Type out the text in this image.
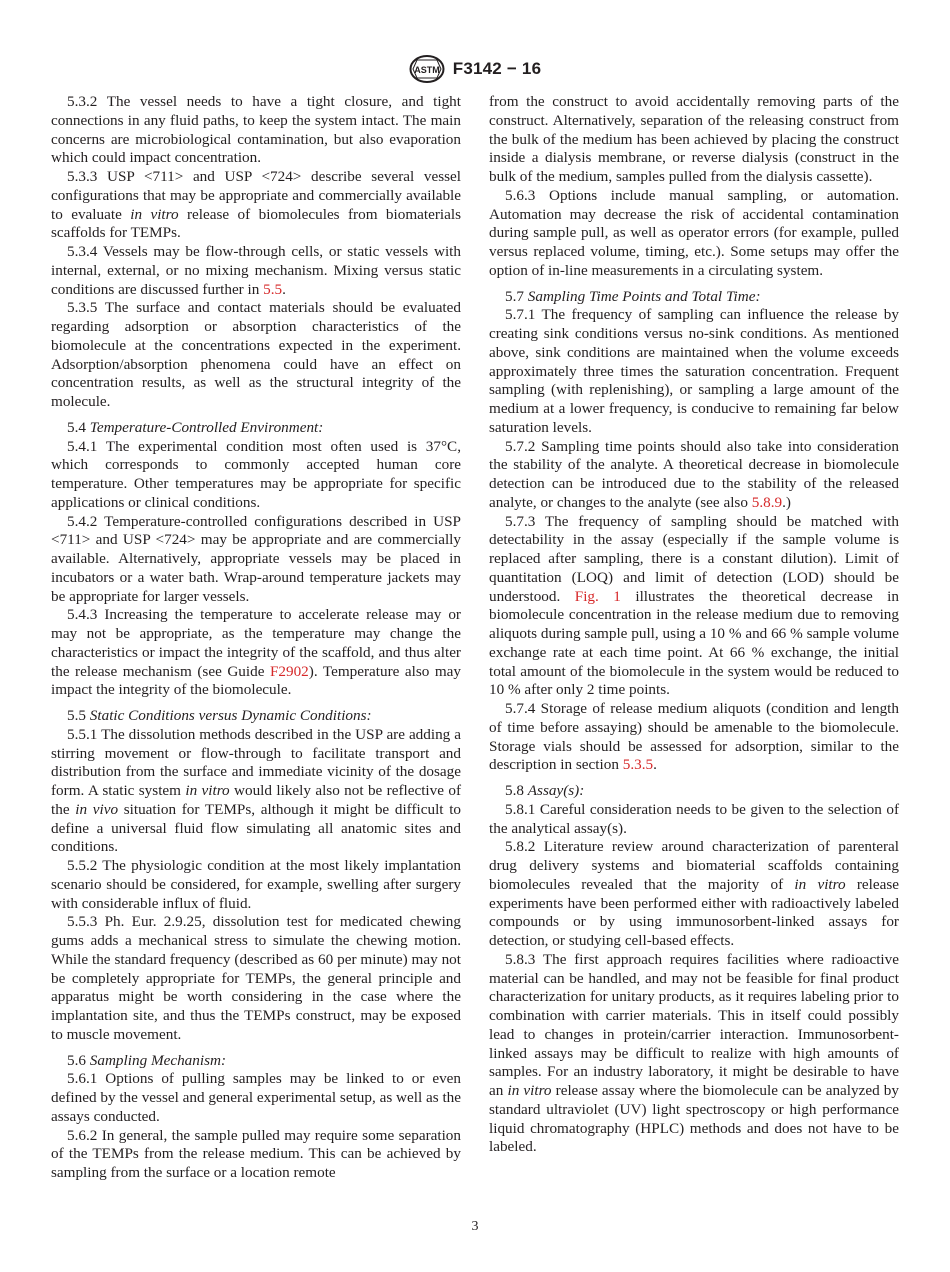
ASTM F3142 − 16

5.3.2 The vessel needs to have a tight closure, and tight connections in any fluid paths, to keep the system intact. The main concerns are microbiological contamination, but also evaporation which could impact concentration.

5.3.3 USP <711> and USP <724> describe several vessel configurations that may be appropriate and commercially available to evaluate in vitro release of biomolecules from biomaterials scaffolds for TEMPs.

5.3.4 Vessels may be flow-through cells, or static vessels with internal, external, or no mixing mechanism. Mixing versus static conditions are discussed further in 5.5.

5.3.5 The surface and contact materials should be evaluated regarding adsorption or absorption characteristics of the biomolecule at the concentrations expected in the experiment. Adsorption/absorption phenomena could have an effect on concentration results, as well as the structural integrity of the molecule.

5.4 Temperature-Controlled Environment:

5.4.1 The experimental condition most often used is 37°C, which corresponds to commonly accepted human core temperature. Other temperatures may be appropriate for specific applications or clinical conditions.

5.4.2 Temperature-controlled configurations described in USP <711> and USP <724> may be appropriate and are commercially available. Alternatively, appropriate vessels may be placed in incubators or a water bath. Wrap-around temperature jackets may be appropriate for larger vessels.

5.4.3 Increasing the temperature to accelerate release may or may not be appropriate, as the temperature may change the characteristics or impact the integrity of the scaffold, and thus alter the release mechanism (see Guide F2902). Temperature also may impact the integrity of the biomolecule.

5.5 Static Conditions versus Dynamic Conditions:

5.5.1 The dissolution methods described in the USP are adding a stirring movement or flow-through to facilitate transport and distribution from the surface and immediate vicinity of the dosage form. A static system in vitro would likely also not be reflective of the in vivo situation for TEMPs, although it might be difficult to define a universal fluid flow simulating all anatomic sites and conditions.

5.5.2 The physiologic condition at the most likely implantation scenario should be considered, for example, swelling after surgery with considerable influx of fluid.

5.5.3 Ph. Eur. 2.9.25, dissolution test for medicated chewing gums adds a mechanical stress to simulate the chewing motion. While the standard frequency (described as 60 per minute) may not be completely appropriate for TEMPs, the general principle and apparatus might be worth considering in the case where the implantation site, and thus the TEMPs construct, may be exposed to muscle movement.

5.6 Sampling Mechanism:

5.6.1 Options of pulling samples may be linked to or even defined by the vessel and general experimental setup, as well as the assays conducted.

5.6.2 In general, the sample pulled may require some separation of the TEMPs from the release medium. This can be achieved by sampling from the surface or a location remote

from the construct to avoid accidentally removing parts of the construct. Alternatively, separation of the releasing construct from the bulk of the medium has been achieved by placing the construct inside a dialysis membrane, or reverse dialysis (construct in the bulk of the medium, samples pulled from the dialysis cassette).

5.6.3 Options include manual sampling, or automation. Automation may decrease the risk of accidental contamination during sample pull, as well as operator errors (for example, pulled versus replaced volume, timing, etc.). Some setups may offer the option of in-line measurements in a circulating system.

5.7 Sampling Time Points and Total Time:

5.7.1 The frequency of sampling can influence the release by creating sink conditions versus no-sink conditions. As mentioned above, sink conditions are maintained when the volume exceeds approximately three times the saturation concentration. Frequent sampling (with replenishing), or sampling a large amount of the medium at a lower frequency, is conducive to remaining far below saturation levels.

5.7.2 Sampling time points should also take into consideration the stability of the analyte. A theoretical decrease in biomolecule detection can be introduced due to the stability of the released analyte, or changes to the analyte (see also 5.8.9.)

5.7.3 The frequency of sampling should be matched with detectability in the assay (especially if the sample volume is replaced after sampling, there is a constant dilution). Limit of quantitation (LOQ) and limit of detection (LOD) should be understood. Fig. 1 illustrates the theoretical decrease in biomolecule concentration in the release medium due to removing aliquots during sample pull, using a 10 % and 66 % sample volume exchange rate at each time point. At 66 % exchange, the initial total amount of the biomolecule in the system would be reduced to 10 % after only 2 time points.

5.7.4 Storage of release medium aliquots (condition and length of time before assaying) should be amenable to the biomolecule. Storage vials should be assessed for adsorption, similar to the description in section 5.3.5.

5.8 Assay(s):

5.8.1 Careful consideration needs to be given to the selection of the analytical assay(s).

5.8.2 Literature review around characterization of parenteral drug delivery systems and biomaterial scaffolds containing biomolecules revealed that the majority of in vitro release experiments have been performed either with radioactively labeled compounds or by using immunosorbent-linked assays for detection, or studying cell-based effects.

5.8.3 The first approach requires facilities where radioactive material can be handled, and may not be feasible for final product characterization for unitary products, as it requires labeling prior to combination with carrier materials. This in itself could possibly lead to changes in protein/carrier interaction. Immunosorbent-linked assays may be difficult to realize with high amounts of samples. For an industry laboratory, it might be desirable to have an in vitro release assay where the biomolecule can be analyzed by standard ultraviolet (UV) light spectroscopy or high performance liquid chromatography (HPLC) methods and does not have to be labeled.

3
